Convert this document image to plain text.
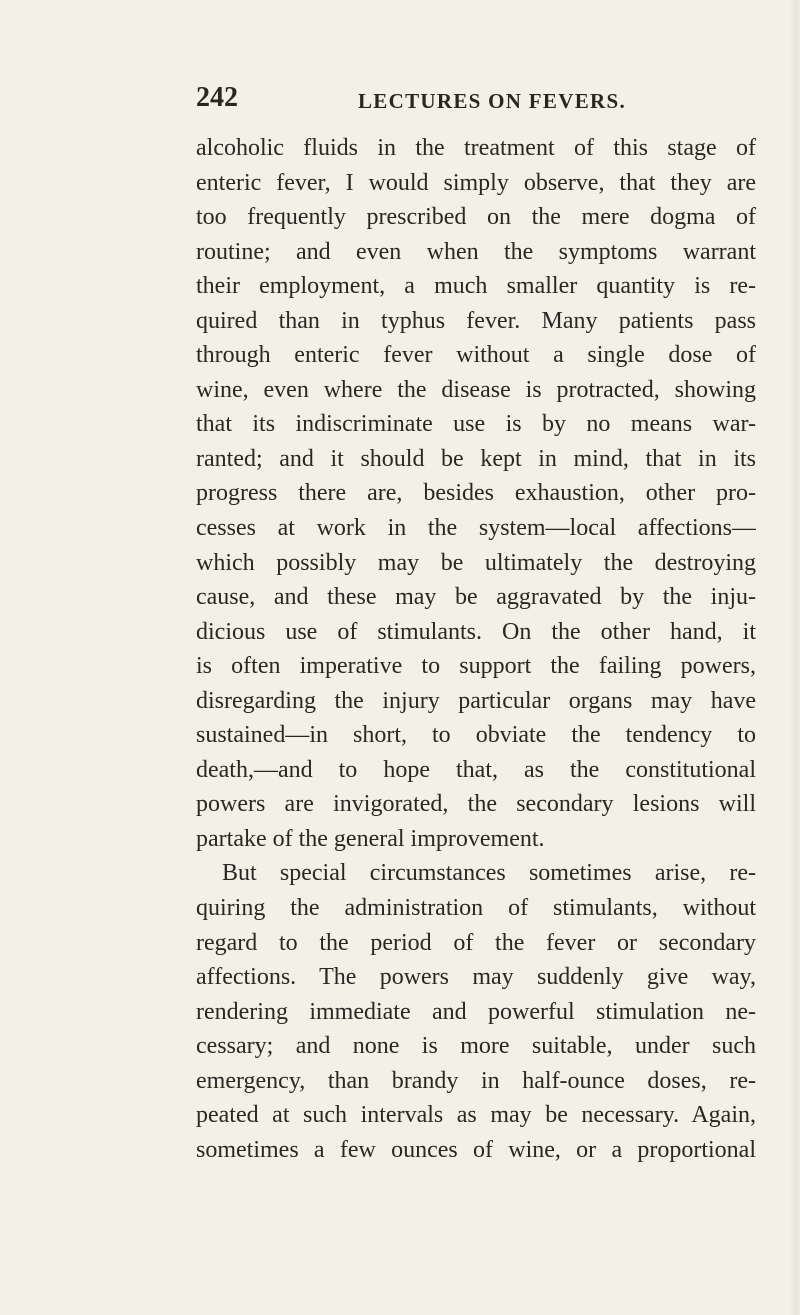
242	LECTURES ON FEVERS.
alcoholic fluids in the treatment of this stage of
enteric fever, I would simply observe, that they are
too frequently prescribed on the mere dogma of
routine; and even when the symptoms warrant
their employment, a much smaller quantity is re-
quired than in typhus fever. Many patients pass
through enteric fever without a single dose of
wine, even where the disease is protracted, showing
that its indiscriminate use is by no means war-
ranted; and it should be kept in mind, that in its
progress there are, besides exhaustion, other pro-
cesses at work in the system—local affections—
which possibly may be ultimately the destroying
cause, and these may be aggravated by the inju-
dicious use of stimulants. On the other hand, it
is often imperative to support the failing powers,
disregarding the injury particular organs may have
sustained—in short, to obviate the tendency to
death,—and to hope that, as the constitutional
powers are invigorated, the secondary lesions will
partake of the general improvement.
But special circumstances sometimes arise, re-
quiring the administration of stimulants, without
regard to the period of the fever or secondary
affections. The powers may suddenly give way,
rendering immediate and powerful stimulation ne-
cessary; and none is more suitable, under such
emergency, than brandy in half-ounce doses, re-
peated at such intervals as may be necessary. Again,
sometimes a few ounces of wine, or a proportional
